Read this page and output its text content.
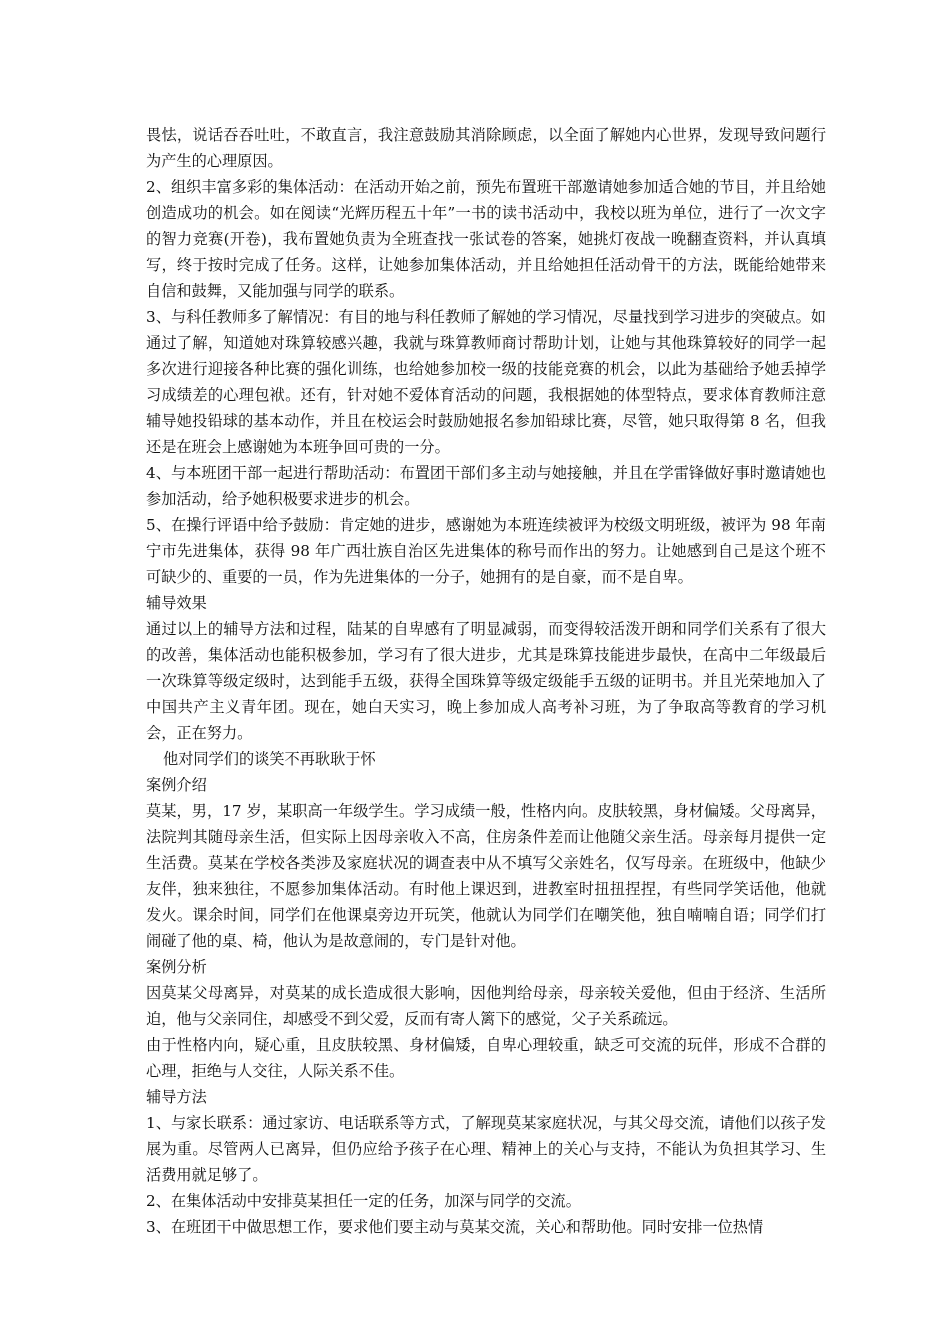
畏怯，说话吞吞吐吐，不敢直言，我注意鼓励其消除顾虑，以全面了解她内心世界，发现导致问题行为产生的心理原因。

2、组织丰富多彩的集体活动：在活动开始之前，预先布置班干部邀请她参加适合她的节目，并且给她创造成功的机会。如在阅读“光辉历程五十年”一书的读书活动中，我校以班为单位，进行了一次文字的智力竞赛(开卷)，我布置她负责为全班查找一张试卷的答案，她挑灯夜战一晚翻查资料，并认真填写，终于按时完成了任务。这样，让她参加集体活动，并且给她担任活动骨干的方法，既能给她带来自信和鼓舞，又能加强与同学的联系。

3、与科任教师多了解情况：有目的地与科任教师了解她的学习情况，尽量找到学习进步的突破点。如通过了解，知道她对珠算较感兴趣，我就与珠算教师商讨帮助计划，让她与其他珠算较好的同学一起多次进行迎接各种比赛的强化训练，也给她参加校一级的技能竞赛的机会，以此为基础给予她丢掉学习成绩差的心理包袱。还有，针对她不爱体育活动的问题，我根据她的体型特点，要求体育教师注意辅导她投铅球的基本动作，并且在校运会时鼓励她报名参加铅球比赛，尽管，她只取得第 8 名，但我还是在班会上感谢她为本班争回可贵的一分。

4、与本班团干部一起进行帮助活动：布置团干部们多主动与她接触，并且在学雷锋做好事时邀请她也参加活动，给予她积极要求进步的机会。

5、在操行评语中给予鼓励：肯定她的进步，感谢她为本班连续被评为校级文明班级，被评为 98 年南宁市先进集体，获得 98 年广西壮族自治区先进集体的称号而作出的努力。让她感到自己是这个班不可缺少的、重要的一员，作为先进集体的一分子，她拥有的是自豪，而不是自卑。

辅导效果

通过以上的辅导方法和过程，陆某的自卑感有了明显减弱，而变得较活泼开朗和同学们关系有了很大的改善，集体活动也能积极参加，学习有了很大进步，尤其是珠算技能进步最快，在高中二年级最后一次珠算等级定级时，达到能手五级，获得全国珠算等级定级能手五级的证明书。并且光荣地加入了中国共产主义青年团。现在，她白天实习，晚上参加成人高考补习班，为了争取高等教育的学习机会，正在努力。

他对同学们的谈笑不再耿耿于怀

案例介绍

莫某，男，17 岁，某职高一年级学生。学习成绩一般，性格内向。皮肤较黑，身材偏矮。父母离异，法院判其随母亲生活，但实际上因母亲收入不高，住房条件差而让他随父亲生活。母亲每月提供一定生活费。莫某在学校各类涉及家庭状况的调查表中从不填写父亲姓名，仅写母亲。在班级中，他缺少友伴，独来独往，不愿参加集体活动。有时他上课迟到，进教室时扭扭捏捏，有些同学笑话他，他就发火。课余时间，同学们在他课桌旁边开玩笑，他就认为同学们在嘲笑他，独自喃喃自语；同学们打闹碰了他的桌、椅，他认为是故意闹的，专门是针对他。

案例分析

因莫某父母离异，对莫某的成长造成很大影响，因他判给母亲，母亲较关爱他，但由于经济、生活所迫，他与父亲同住，却感受不到父爱，反而有寄人篱下的感觉，父子关系疏远。

由于性格内向，疑心重，且皮肤较黑、身材偏矮，自卑心理较重，缺乏可交流的玩伴，形成不合群的心理，拒绝与人交往，人际关系不佳。

辅导方法

1、与家长联系：通过家访、电话联系等方式，了解现莫某家庭状况，与其父母交流，请他们以孩子发展为重。尽管两人已离异，但仍应给予孩子在心理、精神上的关心与支持，不能认为负担其学习、生活费用就足够了。

2、在集体活动中安排莫某担任一定的任务，加深与同学的交流。

3、在班团干中做思想工作，要求他们要主动与莫某交流，关心和帮助他。同时安排一位热情
